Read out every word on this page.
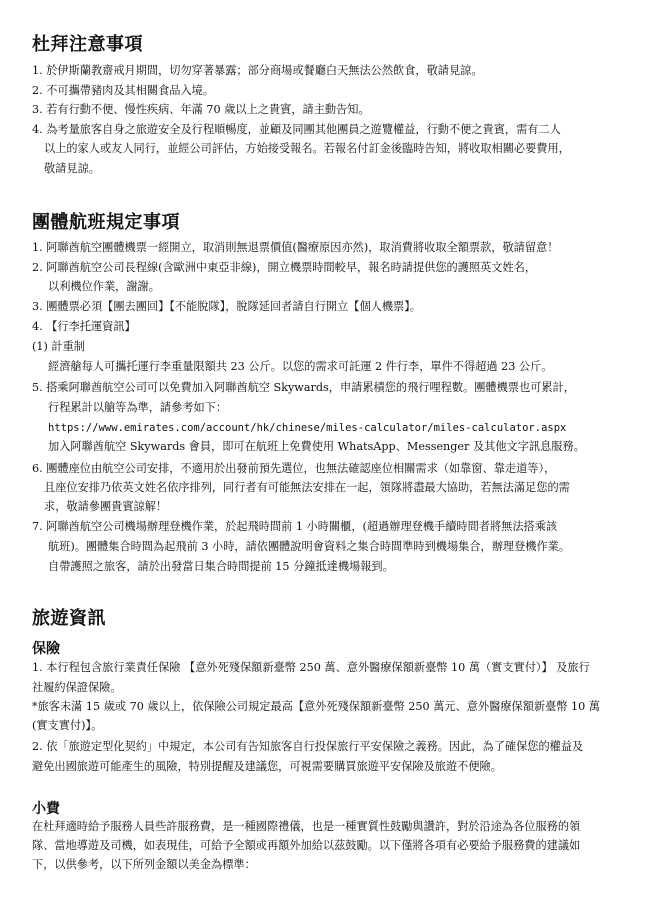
杜拜注意事項

1. 於伊斯蘭教齋戒月期間，切勿穿著暴露；部分商場或餐廳白天無法公然飲食，敬請見諒。

2. 不可攜帶豬肉及其相關食品入境。

3. 若有行動不便、慢性疾病、年滿 70 歲以上之貴賓，請主動告知。

4. 為考量旅客自身之旅遊安全及行程順暢度，並顧及同團其他團員之遊覽權益，行動不便之貴賓，需有二人

以上的家人或友人同行，並經公司評估，方始接受報名。若報名付訂金後臨時告知，將收取相關必要費用，

敬請見諒。

團體航班規定事項

1. 阿聯酋航空團體機票一經開立，取消則無退票價值(醫療原因亦然)，取消費將收取全額票款，敬請留意！

2. 阿聯酋航空公司長程線(含歐洲中東亞非線)，開立機票時間較早，報名時請提供您的護照英文姓名，

以利機位作業，謝謝。

3. 團體票必須【團去團回】【不能脫隊】，脫隊延回者請自行開立【個人機票】。

4. 【行李托運資訊】

(1) 計重制

經濟艙每人可攜托運行李重量限額共 23 公斤。以您的需求可託運 2 件行李，單件不得超過 23 公斤。

5. 搭乘阿聯酋航空公司可以免費加入阿聯酋航空 Skywards，申請累積您的飛行哩程數。團體機票也可累計，

行程累計以艙等為準，請參考如下：

https://www.emirates.com/account/hk/chinese/miles-calculator/miles-calculator.aspx

加入阿聯酋航空 Skywards 會員，即可在航班上免費使用 WhatsApp、Messenger 及其他文字訊息服務。

6. 團體座位由航空公司安排，不適用於出發前預先選位，也無法確認座位相關需求（如靠窗、靠走道等），

且座位安排乃依英文姓名依序排列，同行者有可能無法安排在一起，領隊將盡最大協助，若無法滿足您的需

求，敬請參團貴賓諒解！

7. 阿聯酋航空公司機場辦理登機作業，於起飛時間前 1 小時關櫃，(超過辦理登機手續時間者將無法搭乘該

航班)。團體集合時間為起飛前 3 小時，請依團體說明會資料之集合時間準時到機場集合，辦理登機作業。

自帶護照之旅客，請於出發當日集合時間提前 15 分鐘抵達機場報到。

旅遊資訊
保險

1. 本行程包含旅行業責任保險 【意外死殘保額新臺幣 250 萬、意外醫療保額新臺幣 10 萬（實支實付）】 及旅行

社履約保證保險。

*旅客未滿 15 歲或 70 歲以上，依保險公司規定最高【意外死殘保額新臺幣 250 萬元、意外醫療保額新臺幣 10 萬

(實支實付)】。

2. 依「旅遊定型化契約」中規定，本公司有告知旅客自行投保旅行平安保險之義務。因此，為了確保您的權益及

避免出國旅遊可能產生的風險，特別提醒及建議您，可視需要購買旅遊平安保險及旅遊不便險。

小費

在杜拜適時給予服務人員些許服務費，是一種國際禮儀，也是一種實質性鼓勵與讚許，對於沿途為各位服務的領

隊、當地導遊及司機，如表現佳，可給予全額或再額外加給以茲鼓勵。以下僅將各項有必要給予服務費的建議如

下，以供參考，以下所列金額以美金為標準：
